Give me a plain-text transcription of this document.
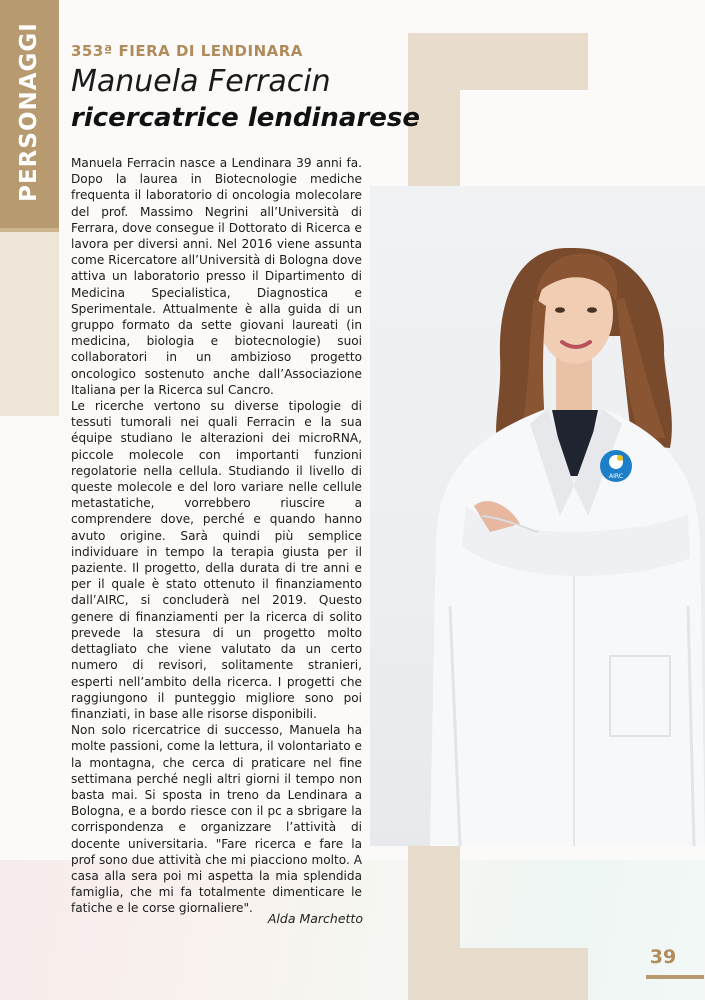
PERSONAGGI
AIRC
353ª FIERA DI LENDINARA
Manuela Ferracin
ricercatrice lendinarese

Manuela Ferracin nasce a Lendinara 39 anni fa. Dopo la laurea in Biotecnologie mediche frequenta il laboratorio di oncologia molecolare del prof. Massimo Negrini all’Università di Ferrara, dove consegue il Dottorato di Ricerca e lavora per diversi anni. Nel 2016 viene assunta come Ricercatore all’Università di Bologna dove attiva un laboratorio presso il Dipartimento di Medicina Specialistica, Diagnostica e Sperimentale. Attualmente è alla guida di un gruppo formato da sette giovani laureati (in medicina, biologia e biotecnologie) suoi collaboratori in un ambizioso progetto oncologico sostenuto anche dall’Associazione Italiana per la Ricerca sul Cancro.

Le ricerche vertono su diverse tipologie di tessuti tumorali nei quali Ferracin e la sua équipe studiano le alterazioni dei microRNA, piccole molecole con importanti funzioni regolatorie nella cellula. Studiando il livello di queste molecole e del loro variare nelle cellule metastatiche, vorrebbero riuscire a comprendere dove, perché e quando hanno avuto origine. Sarà quindi più semplice individuare in tempo la terapia giusta per il paziente. Il progetto, della durata di tre anni e per il quale è stato ottenuto il finanziamento dall’AIRC, si concluderà nel 2019. Questo genere di finanziamenti per la ricerca di solito prevede la stesura di un progetto molto dettagliato che viene valutato da un certo numero di revisori, solitamente stranieri, esperti nell’ambito della ricerca. I progetti che raggiungono il punteggio migliore sono poi finanziati, in base alle risorse disponibili.

Non solo ricercatrice di successo, Manuela ha molte passioni, come la lettura, il volontariato e la montagna, che cerca di praticare nel fine settimana perché negli altri giorni il tempo non basta mai. Si sposta in treno da Lendinara a Bologna, e a bordo riesce con il pc a sbrigare la corrispondenza e organizzare l’attività di docente universitaria. "Fare ricerca e fare la prof sono due attività che mi piacciono molto. A casa alla sera poi mi aspetta la mia splendida famiglia, che mi fa totalmente dimenticare le fatiche e le corse giornaliere".

Alda Marchetto
39
